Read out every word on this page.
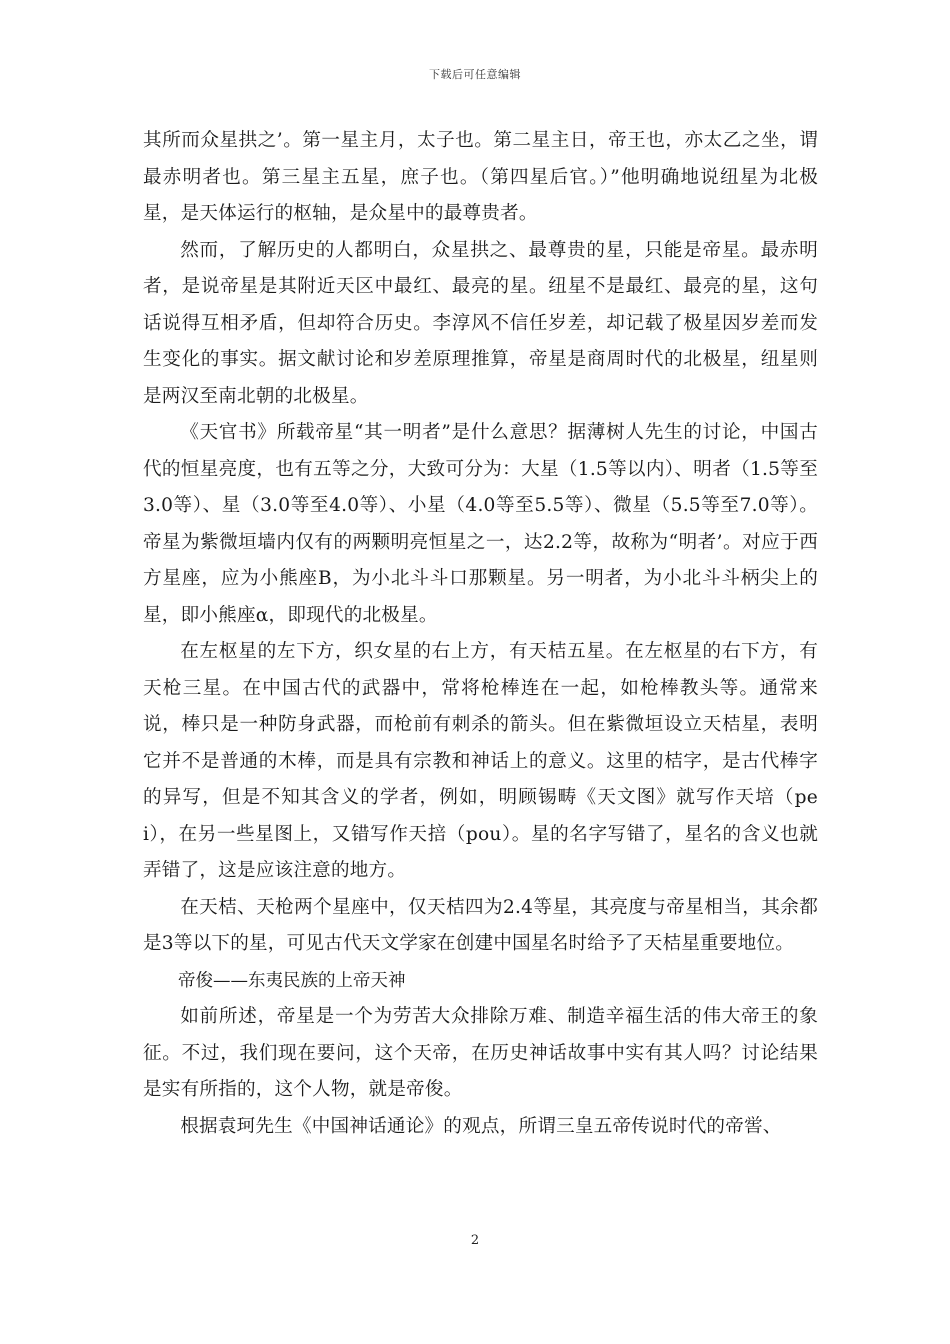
下载后可任意编辑

其所而众星拱之’。第一星主月，太子也。第二星主日，帝王也，亦太乙之坐，谓最赤明者也。第三星主五星，庶子也。（第四星后官。）”他明确地说纽星为北极星，是天体运行的枢轴，是众星中的最尊贵者。

然而，了解历史的人都明白，众星拱之、最尊贵的星，只能是帝星。最赤明者，是说帝星是其附近天区中最红、最亮的星。纽星不是最红、最亮的星，这句话说得互相矛盾，但却符合历史。李淳风不信任岁差，却记载了极星因岁差而发生变化的事实。据文献讨论和岁差原理推算，帝星是商周时代的北极星，纽星则是两汉至南北朝的北极星。

《天官书》所载帝星“其一明者”是什么意思？据薄树人先生的讨论，中国古代的恒星亮度，也有五等之分，大致可分为：大星（1.5等以内）、明者（1.5等至3.0等）、星（3.0等至4.0等）、小星（4.0等至5.5等）、微星（5.5等至7.0等）。帝星为紫微垣墙内仅有的两颗明亮恒星之一，达2.2等，故称为“明者’。对应于西方星座，应为小熊座B，为小北斗斗口那颗星。另一明者，为小北斗斗柄尖上的星，即小熊座α，即现代的北极星。

在左枢星的左下方，织女星的右上方，有天桔五星。在左枢星的右下方，有天枪三星。在中国古代的武器中，常将枪棒连在一起，如枪棒教头等。通常来说，棒只是一种防身武器，而枪前有刺杀的箭头。但在紫微垣设立天桔星，表明它并不是普通的木棒，而是具有宗教和神话上的意义。这里的桔字，是古代棒字的异写，但是不知其含义的学者，例如，明顾锡畴《天文图》就写作天培（pei），在另一些星图上，又错写作天掊（pou）。星的名字写错了，星名的含义也就弄错了，这是应该注意的地方。

在天桔、天枪两个星座中，仅天桔四为2.4等星，其亮度与帝星相当，其余都是3等以下的星，可见古代天文学家在创建中国星名时给予了天桔星重要地位。

帝俊——东夷民族的上帝天神

如前所述，帝星是一个为劳苦大众排除万难、制造辛福生活的伟大帝王的象征。不过，我们现在要问，这个天帝，在历史神话故事中实有其人吗？讨论结果是实有所指的，这个人物，就是帝俊。

根据袁珂先生《中国神话通论》的观点，所谓三皇五帝传说时代的帝喾、

2
